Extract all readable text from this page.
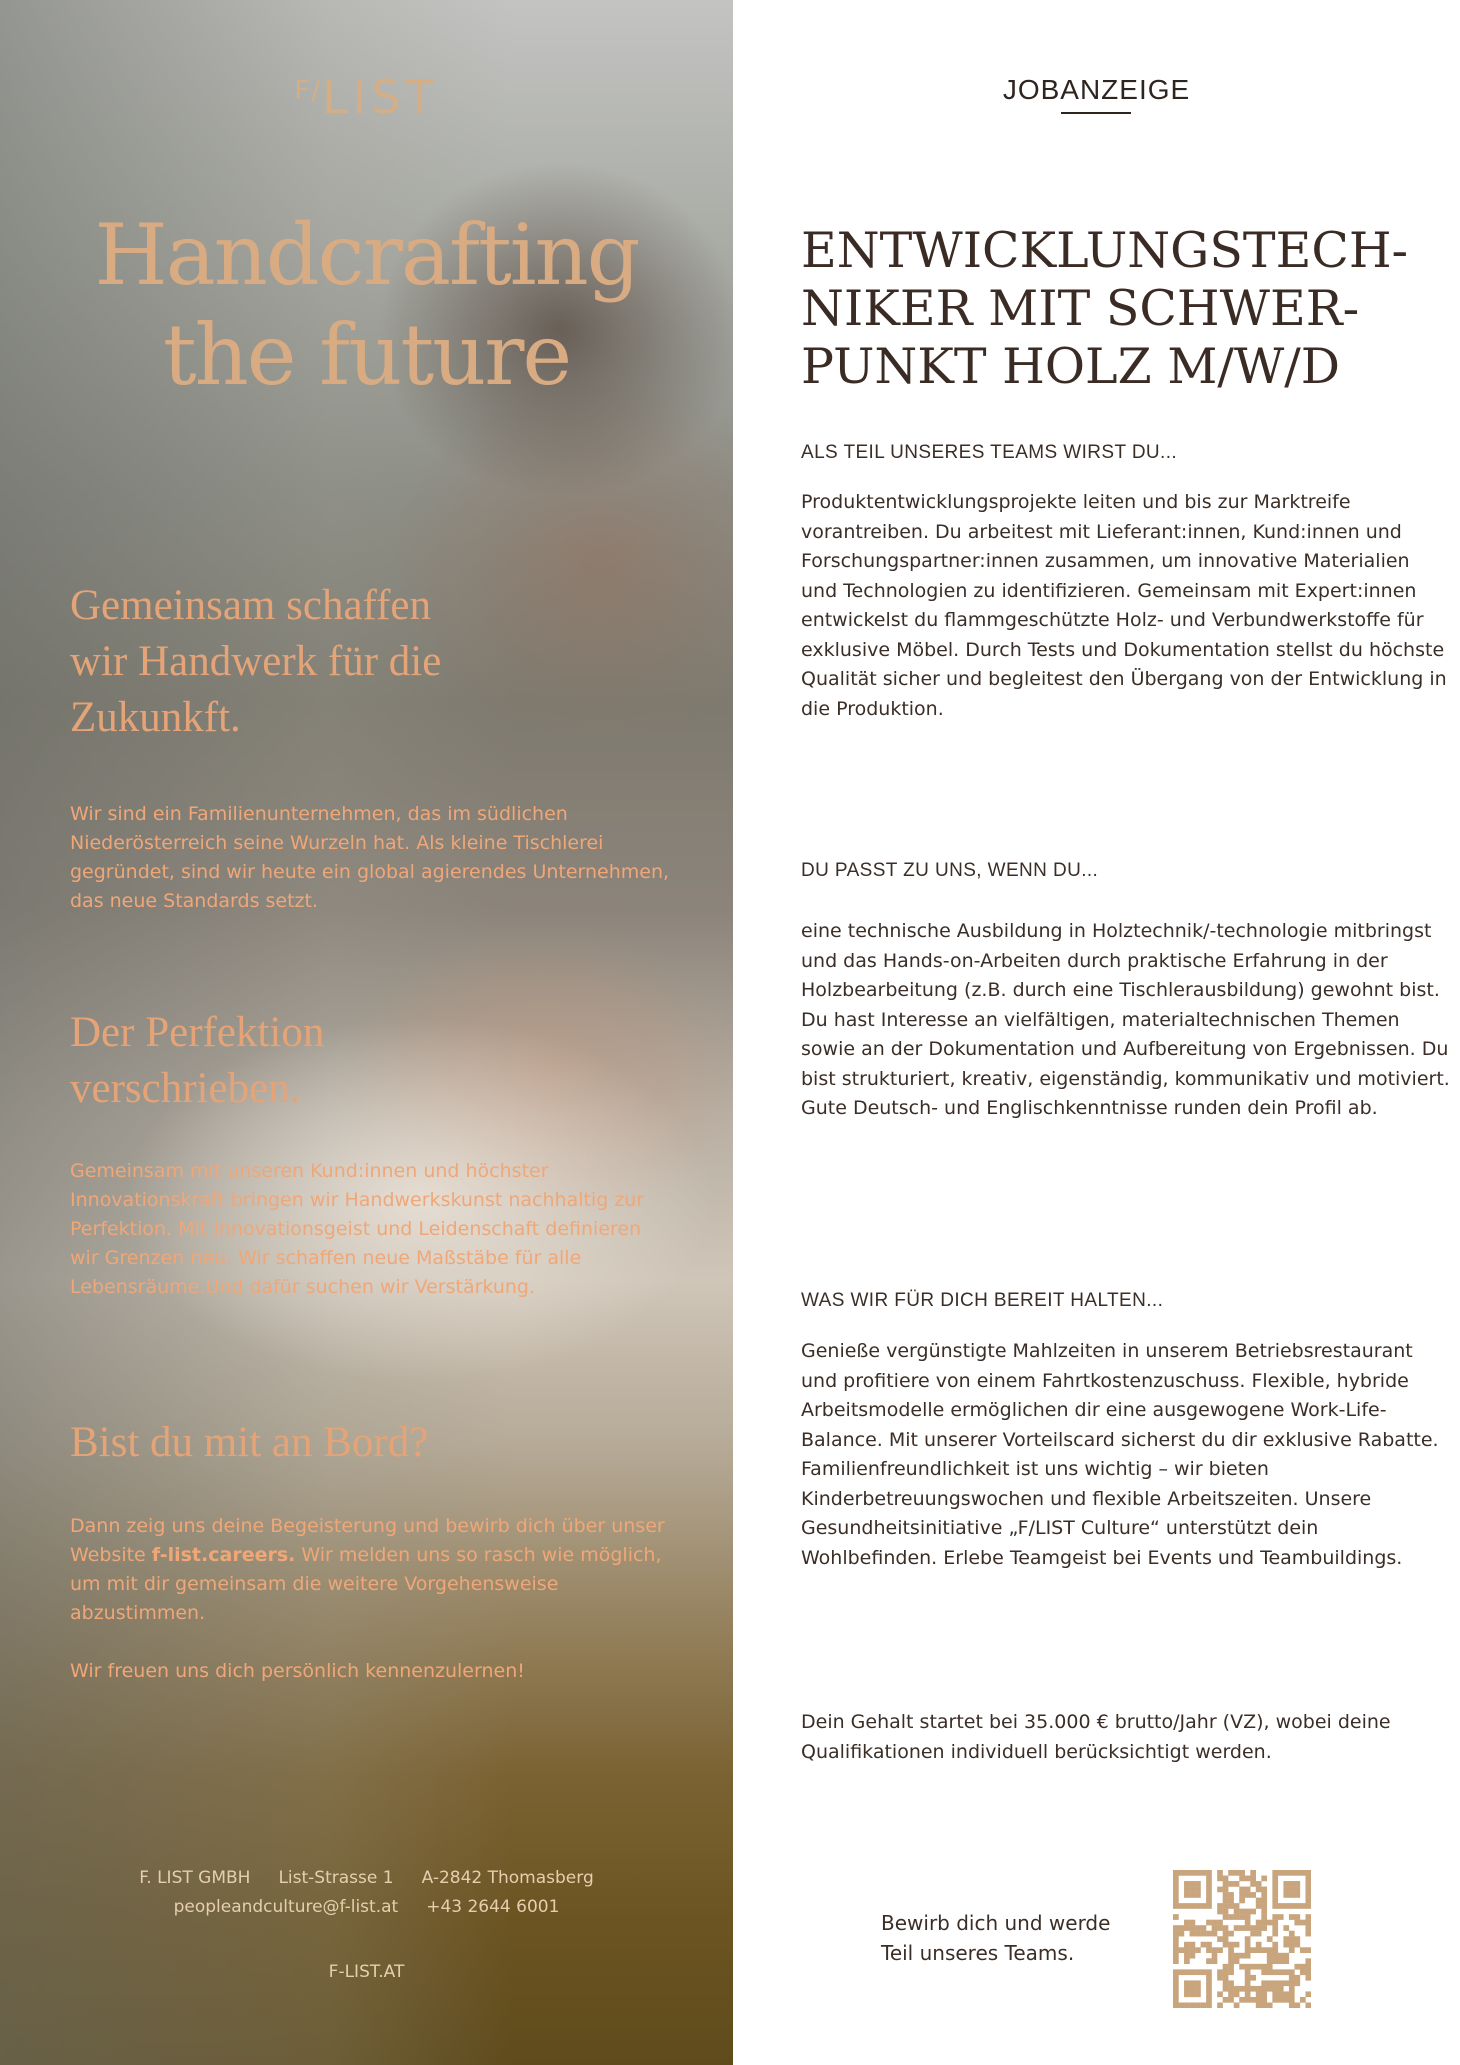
$^{F/}$LIST
Handcrafting
the future
Gemeinsam schaffen
wir Handwerk für die
Zukunkft.

Wir sind ein Familienunternehmen, das im südlichen Niederösterreich seine Wurzeln hat. Als kleine Tischlerei gegründet, sind wir heute ein global agierendes Unternehmen, das neue Standards setzt.

Der Perfektion
verschrieben.

Gemeinsam mit unseren Kund:innen und höchster Innovationskraft bringen wir Handwerkskunst nachhaltig zur Perfektion. Mit Innovationsgeist und Leidenschaft definieren wir Grenzen neu. Wir schaffen neue Maßstäbe für alle Lebensräume.Und dafür suchen wir Verstärkung.

Bist du mit an Bord?

Dann zeig uns deine Begeisterung und bewirb dich über unser Website f-list.careers. Wir melden uns so rasch wie möglich, um mit dir gemeinsam die weitere Vorgehensweise abzustimmen.

Wir freuen uns dich persönlich kennenzulernen!

F. LIST GMBH List-Strasse 1 A-2842 Thomasberg
peopleandculture@f-list.at +43 2644 6001
F-LIST.AT
JOBANZEIGE
ENTWICKLUNGSTECH-
NIKER MIT SCHWER-
PUNKT HOLZ M/W/D
ALS TEIL UNSERES TEAMS WIRST DU...

Produktentwicklungsprojekte leiten und bis zur Marktreife vorantreiben. Du arbeitest mit Lieferant:innen, Kund:innen und Forschungspartner:innen zusammen, um innovative Materialien und Technologien zu identifizieren. Gemeinsam mit Expert:innen entwickelst du flammgeschützte Holz- und Verbundwerkstoffe für exklusive Möbel. Durch Tests und Dokumentation stellst du höchste Qualität sicher und begleitest den Übergang von der Entwicklung in die Produktion.

DU PASST ZU UNS, WENN DU...

eine technische Ausbildung in Holztechnik/-technologie mitbringst und das Hands-on-Arbeiten durch praktische Erfahrung in der Holzbearbeitung (z.B. durch eine Tischlerausbildung) gewohnt bist. Du hast Interesse an vielfältigen, materialtechnischen Themen sowie an der Dokumentation und Aufbereitung von Ergebnissen. Du bist strukturiert, kreativ, eigenständig, kommunikativ und motiviert. Gute Deutsch- und Englischkenntnisse runden dein Profil ab.

WAS WIR FÜR DICH BEREIT HALTEN...

Genieße vergünstigte Mahlzeiten in unserem Betriebsrestaurant und profitiere von einem Fahrtkostenzuschuss. Flexible, hybride Arbeitsmodelle ermöglichen dir eine ausgewogene Work-Life-Balance. Mit unserer Vorteilscard sicherst du dir exklusive Rabatte. Familienfreundlichkeit ist uns wichtig – wir bieten Kinderbetreuungswochen und flexible Arbeitszeiten. Unsere Gesundheitsinitiative „F/LIST Culture“ unterstützt dein Wohlbefinden. Erlebe Teamgeist bei Events und Teambuildings.

Dein Gehalt startet bei 35.000 € brutto/Jahr (VZ), wobei deine Qualifikationen individuell berücksichtigt werden.

Bewirb dich und werde
Teil unseres Teams.
